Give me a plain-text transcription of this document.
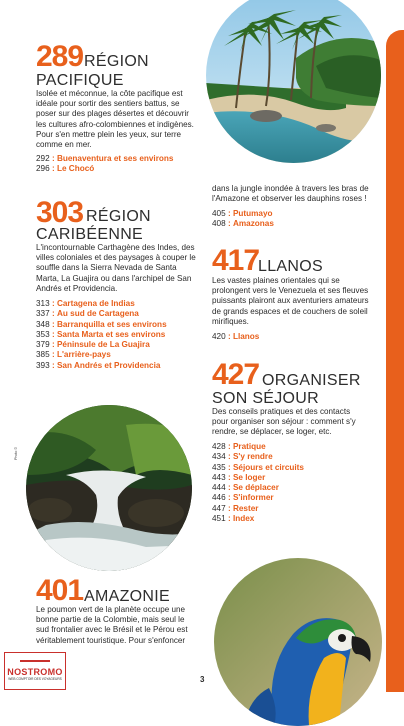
289 RÉGION
PACIFIQUE
Isolée et méconnue, la côte pacifique est idéale pour sortir des sentiers battus, se poser sur des plages désertes et découvrir les cultures afro-colombiennes et indigènes. Pour s'en mettre plein les yeux, sur terre comme en mer.
292 : Buenaventura et ses environs
296 : Le Chocó
303 RÉGION
CARIBÉENNE
L'incontournable Carthagène des Indes, des villes coloniales et des paysages à couper le souffle dans la Sierra Nevada de Santa Marta, La Guajira ou dans l'archipel de San Andrés et Providencia.
313 : Cartagena de Indias
337 : Au sud de Cartagena
348 : Barranquilla et ses environs
353 : Santa Marta et ses environs
379 : Péninsule de La Guajira
385 : L'arrière-pays
393 : San Andrés et Providencia
Photo ©
401 AMAZONIE
Le poumon vert de la planète occupe une bonne partie de la Colombie, mais seul le sud frontalier avec le Brésil et le Pérou est véritablement touristique. Pour s'enfoncer
NOSTROMO
WEB COMPTOIR DES VOYAGEURS	3
dans la jungle inondée à travers les bras de l'Amazone et observer les dauphins roses !
405 : Putumayo
408 : Amazonas
417
LLANOS
Les vastes plaines orientales qui se prolongent vers le Venezuela et ses fleuves puissants plairont aux aventuriers amateurs de grands espaces et de couchers de soleil mirifiques.
420 : Llanos
427 ORGANISER
SON SÉJOUR
Des conseils pratiques et des contacts pour organiser son séjour : comment s'y rendre, se déplacer, se loger, etc.
428 : Pratique
434 : S'y rendre
435 : Séjours et circuits
443 : Se loger
444 : Se déplacer
446 : S'informer
447 : Rester
451 : Index
